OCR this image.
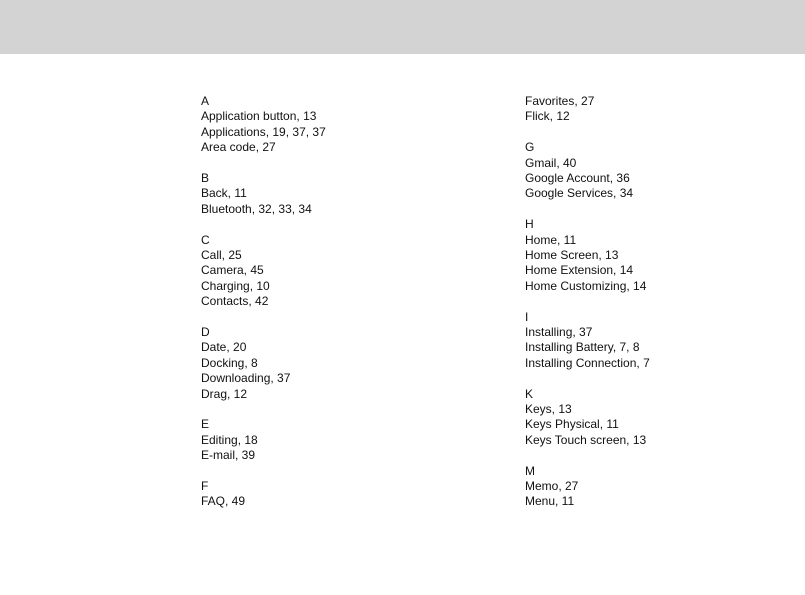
A
Application button, 13
Applications, 19, 37, 37
Area code, 27
B
Back, 11
Bluetooth, 32, 33, 34
C
Call, 25
Camera, 45
Charging, 10
Contacts, 42
D
Date, 20
Docking, 8
Downloading, 37
Drag, 12
E
Editing, 18
E-mail, 39
F
FAQ, 49
Favorites, 27
Flick, 12
G
Gmail, 40
Google Account, 36
Google Services, 34
H
Home, 11
Home Screen, 13
Home Extension, 14
Home Customizing, 14
I
Installing, 37
Installing Battery, 7, 8
Installing Connection, 7
K
Keys, 13
Keys Physical, 11
Keys Touch screen, 13
M
Memo, 27
Menu, 11
